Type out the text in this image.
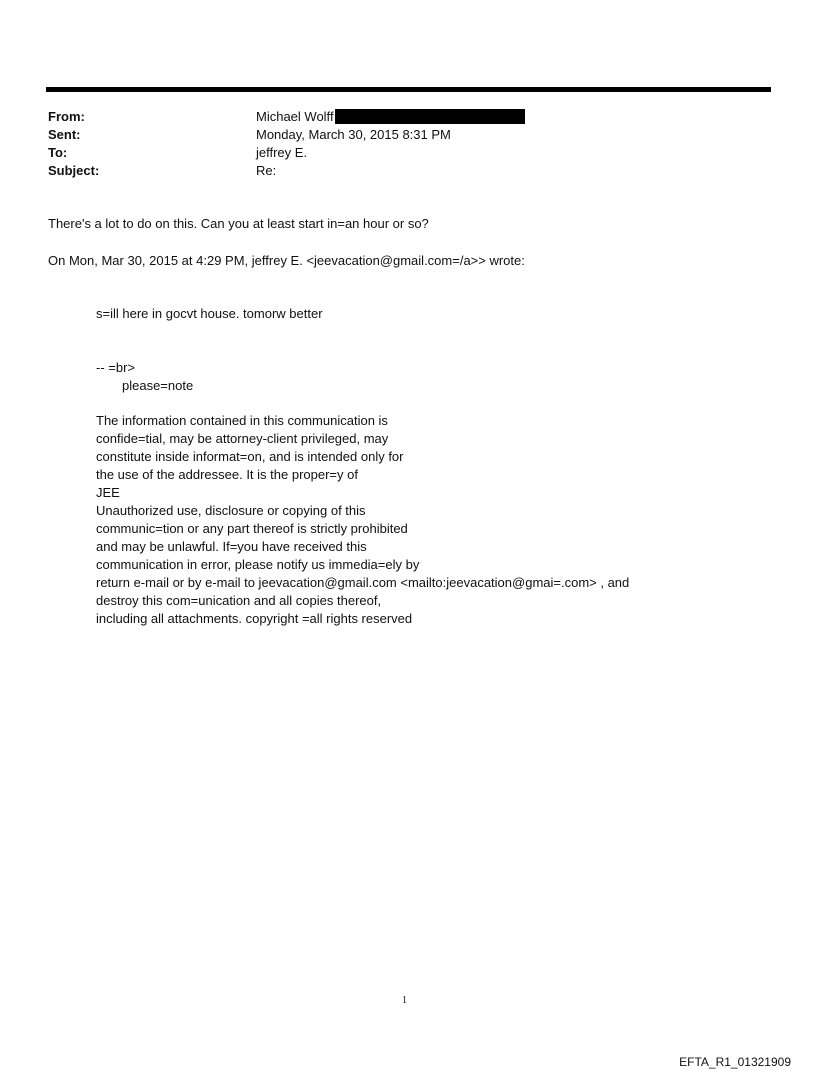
From:	Michael Wolff
Sent:	Monday, March 30, 2015 8:31 PM
To:	jeffrey E.
Subject:	Re:
There's a lot to do on this. Can you at least start in=an hour or so?
On Mon, Mar 30, 2015 at 4:29 PM, jeffrey E. <jeevacation@gmail.com=/a>> wrote:
s=ill here in gocvt house. tomorw better
-- =br>
please=note
The information contained in this communication is
confide=tial, may be attorney-client privileged, may
constitute inside informat=on, and is intended only for
the use of the addressee. It is the proper=y of
JEE
Unauthorized use, disclosure or copying of this
communic=tion or any part thereof is strictly prohibited
and may be unlawful. If=you have received this
communication in error, please notify us immedia=ely by
return e-mail or by e-mail to jeevacation@gmail.com <mailto:jeevacation@gmai=.com> , and
destroy this com=unication and all copies thereof,
including all attachments. copyright =all rights reserved
1
EFTA_R1_01321909
